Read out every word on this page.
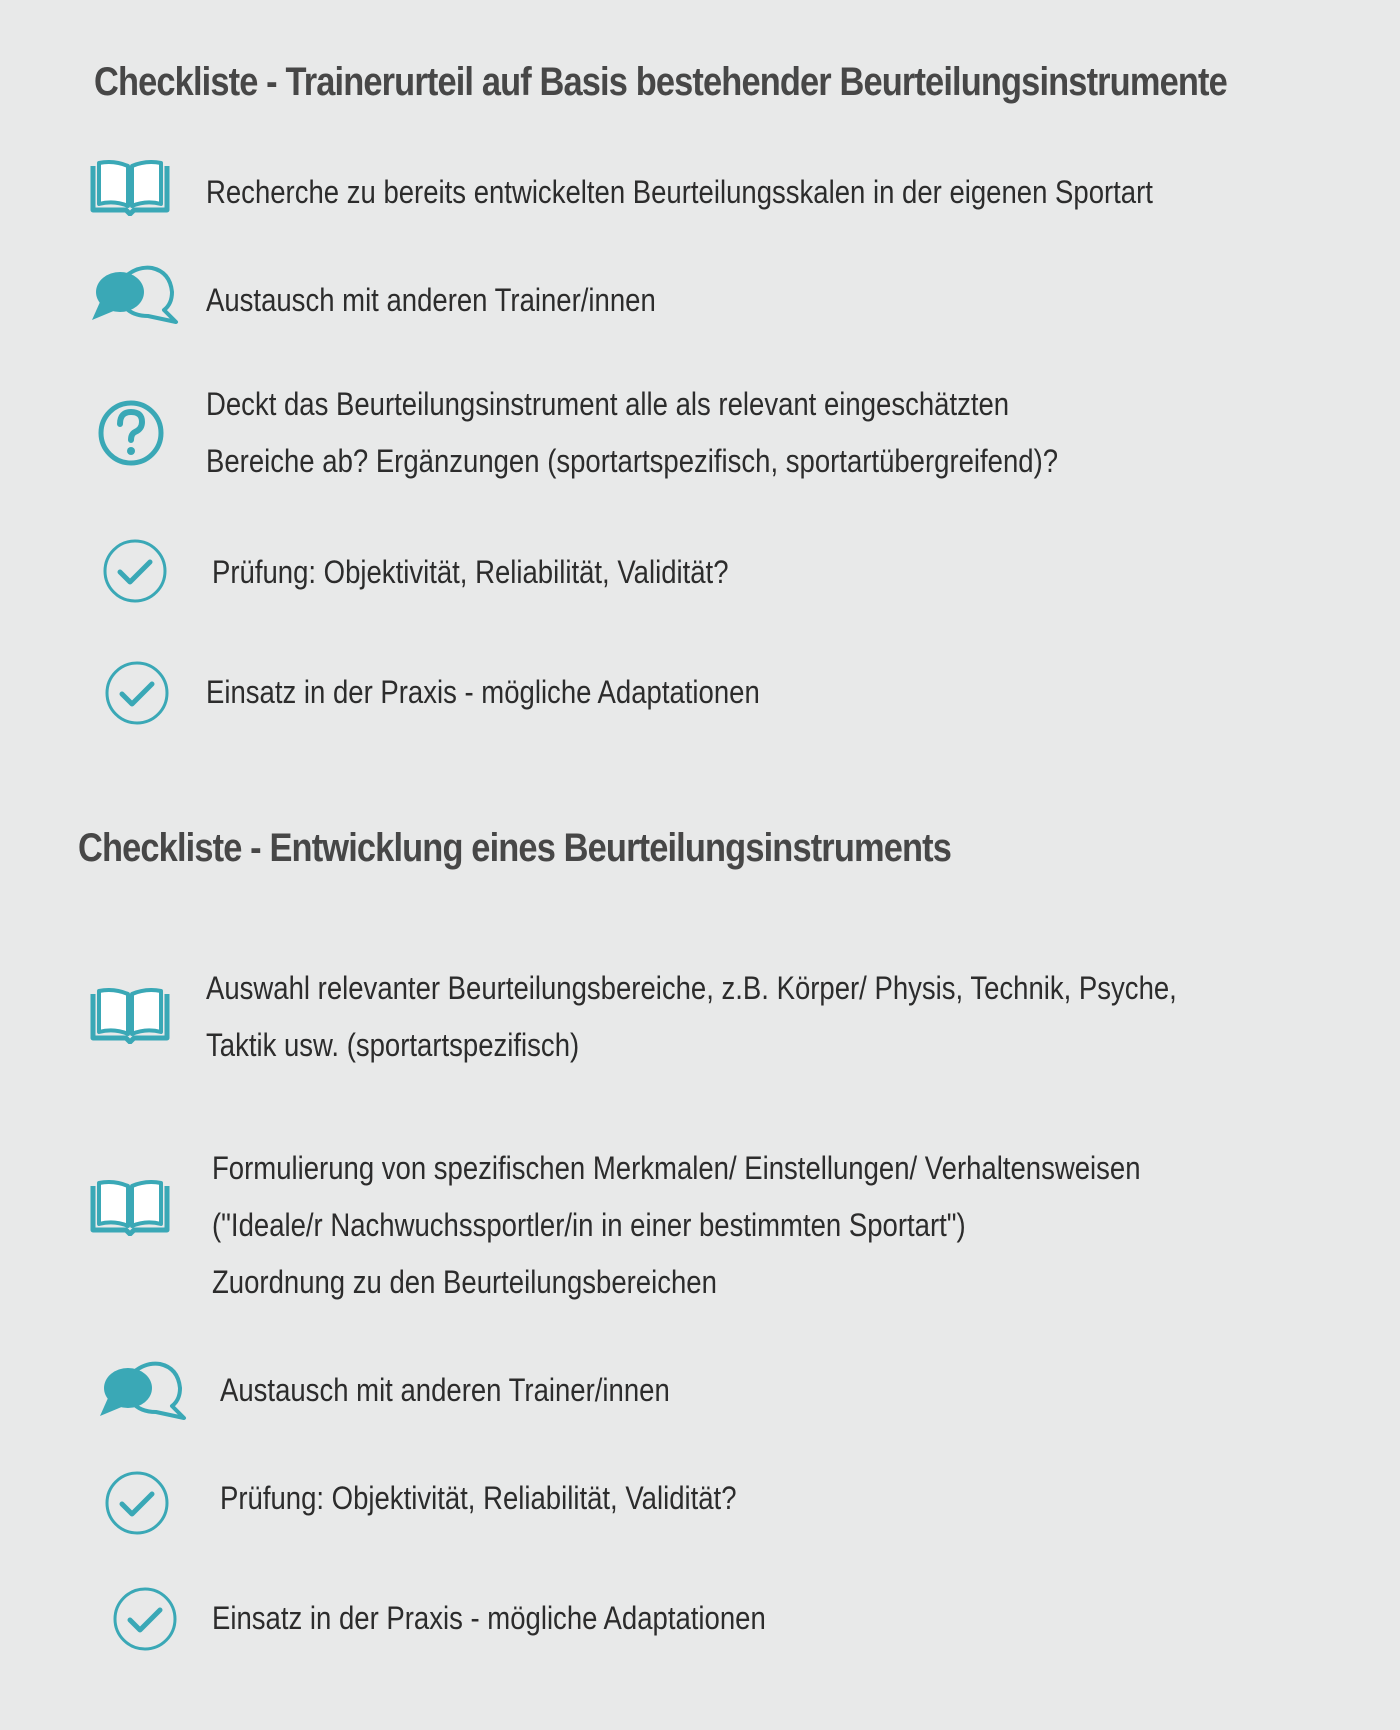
Checkliste - Trainerurteil auf Basis bestehender Beurteilungsinstrumente

Recherche zu bereits entwickelten Beurteilungsskalen in der eigenen Sportart

Austausch mit anderen Trainer/innen

Deckt das Beurteilungsinstrument alle als relevant eingeschätzten
Bereiche ab? Ergänzungen (sportartspezifisch, sportartübergreifend)?

Prüfung: Objektivität, Reliabilität, Validität?

Einsatz in der Praxis - mögliche Adaptationen

Checkliste - Entwicklung eines Beurteilungsinstruments

Auswahl relevanter Beurteilungsbereiche, z.B. Körper/ Physis, Technik, Psyche,
Taktik usw. (sportartspezifisch)

Formulierung von spezifischen Merkmalen/ Einstellungen/ Verhaltensweisen
("Ideale/r Nachwuchssportler/in in einer bestimmten Sportart")
Zuordnung zu den Beurteilungsbereichen

Austausch mit anderen Trainer/innen

Prüfung: Objektivität, Reliabilität, Validität?

Einsatz in der Praxis - mögliche Adaptationen
